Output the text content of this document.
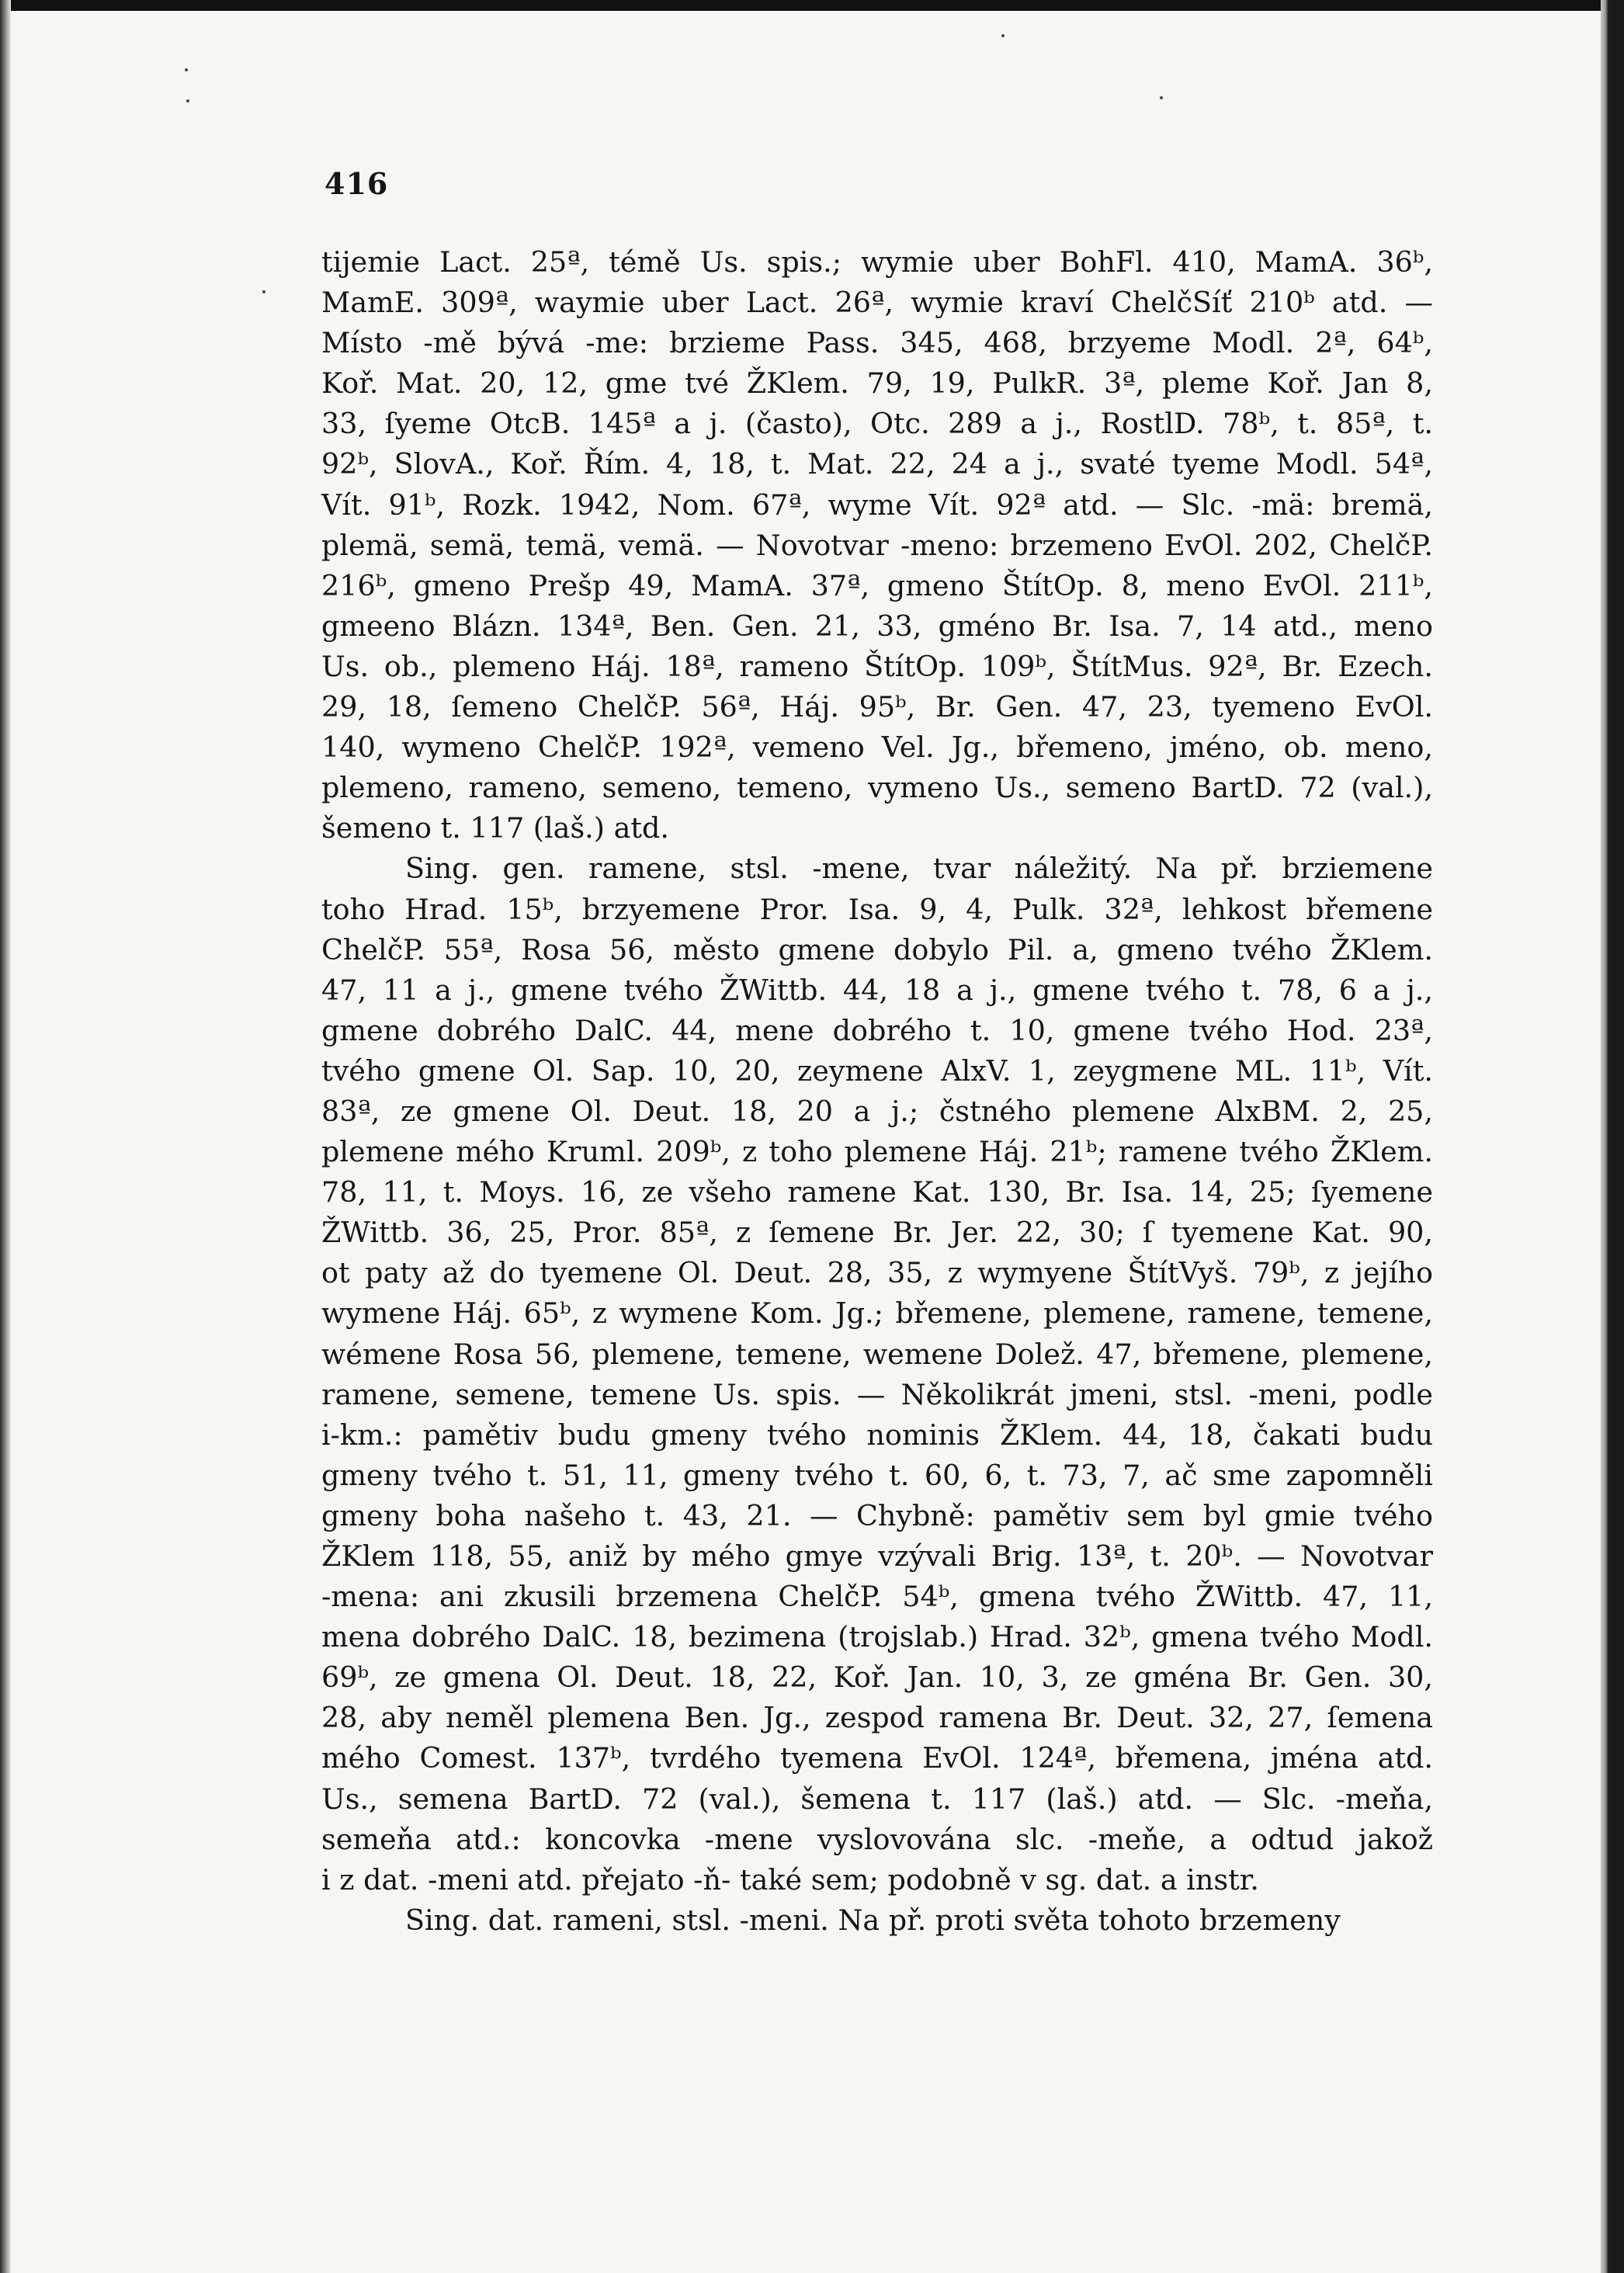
416
tijemie Lact. 25ª, témě Us. spis.; wymie uber BohFl. 410, MamA. 36ᵇ,
MamE. 309ª, waymie uber Lact. 26ª, wymie kraví ChelčSíť 210ᵇ atd. —
Místo -mě bývá -me: brzieme Pass. 345, 468, brzyeme Modl. 2ª, 64ᵇ,
Koř. Mat. 20, 12, gme tvé ŽKlem. 79, 19, PulkR. 3ª, pleme Koř. Jan 8,
33, ſyeme OtcB. 145ª a j. (často), Otc. 289 a j., RostlD. 78ᵇ, t. 85ª, t.
92ᵇ, SlovA., Koř. Řím. 4, 18, t. Mat. 22, 24 a j., svaté tyeme Modl. 54ª,
Vít. 91ᵇ, Rozk. 1942, Nom. 67ª, wyme Vít. 92ª atd. — Slc. -mä: bremä,
plemä, semä, temä, vemä. — Novotvar -meno: brzemeno EvOl. 202, ChelčP.
216ᵇ, gmeno Prešp 49, MamA. 37ª, gmeno ŠtítOp. 8, meno EvOl. 211ᵇ,
gmeeno Blázn. 134ª, Ben. Gen. 21, 33, gméno Br. Isa. 7, 14 atd., meno
Us. ob., plemeno Háj. 18ª, rameno ŠtítOp. 109ᵇ, ŠtítMus. 92ª, Br. Ezech.
29, 18, ſemeno ChelčP. 56ª, Háj. 95ᵇ, Br. Gen. 47, 23, tyemeno EvOl.
140, wymeno ChelčP. 192ª, vemeno Vel. Jg., břemeno, jméno, ob. meno,
plemeno, rameno, semeno, temeno, vymeno Us., semeno BartD. 72 (val.),
šemeno t. 117 (laš.) atd.
Sing. gen. ramene, stsl. -mene, tvar náležitý. Na př. brziemene
toho Hrad. 15ᵇ, brzyemene Pror. Isa. 9, 4, Pulk. 32ª, lehkost břemene
ChelčP. 55ª, Rosa 56, město gmene dobylo Pil. a, gmeno tvého ŽKlem.
47, 11 a j., gmene tvého ŽWittb. 44, 18 a j., gmene tvého t. 78, 6 a j.,
gmene dobrého DalC. 44, mene dobrého t. 10, gmene tvého Hod. 23ª,
tvého gmene Ol. Sap. 10, 20, zeymene AlxV. 1, zeygmene ML. 11ᵇ, Vít.
83ª, ze gmene Ol. Deut. 18, 20 a j.; čstného plemene AlxBM. 2, 25,
plemene mého Kruml. 209ᵇ, z toho plemene Háj. 21ᵇ; ramene tvého ŽKlem.
78, 11, t. Moys. 16, ze všeho ramene Kat. 130, Br. Isa. 14, 25; ſyemene
ŽWittb. 36, 25, Pror. 85ª, z ſemene Br. Jer. 22, 30; ſ tyemene Kat. 90,
ot paty až do tyemene Ol. Deut. 28, 35, z wymyene ŠtítVyš. 79ᵇ, z jejího
wymene Háj. 65ᵇ, z wymene Kom. Jg.; břemene, plemene, ramene, temene,
wémene Rosa 56, plemene, temene, wemene Dolež. 47, břemene, plemene,
ramene, semene, temene Us. spis. — Několikrát jmeni, stsl. -meni, podle
i-km.: pamětiv budu gmeny tvého nominis ŽKlem. 44, 18, čakati budu
gmeny tvého t. 51, 11, gmeny tvého t. 60, 6, t. 73, 7, ač sme zapomněli
gmeny boha našeho t. 43, 21. — Chybně: pamětiv sem byl gmie tvého
ŽKlem 118, 55, aniž by mého gmye vzývali Brig. 13ª, t. 20ᵇ. — Novotvar
-mena: ani zkusili brzemena ChelčP. 54ᵇ, gmena tvého ŽWittb. 47, 11,
mena dobrého DalC. 18, bezimena (trojslab.) Hrad. 32ᵇ, gmena tvého Modl.
69ᵇ, ze gmena Ol. Deut. 18, 22, Koř. Jan. 10, 3, ze gména Br. Gen. 30,
28, aby neměl plemena Ben. Jg., zespod ramena Br. Deut. 32, 27, ſemena
mého Comest. 137ᵇ, tvrdého tyemena EvOl. 124ª, břemena, jména atd.
Us., semena BartD. 72 (val.), šemena t. 117 (laš.) atd. — Slc. -meňa,
semeňa atd.: koncovka -mene vyslovována slc. -meňe, a odtud jakož
i z dat. -meni atd. přejato -ň- také sem; podobně v sg. dat. a instr.
Sing. dat. rameni, stsl. -meni. Na př. proti světa tohoto brzemeny
